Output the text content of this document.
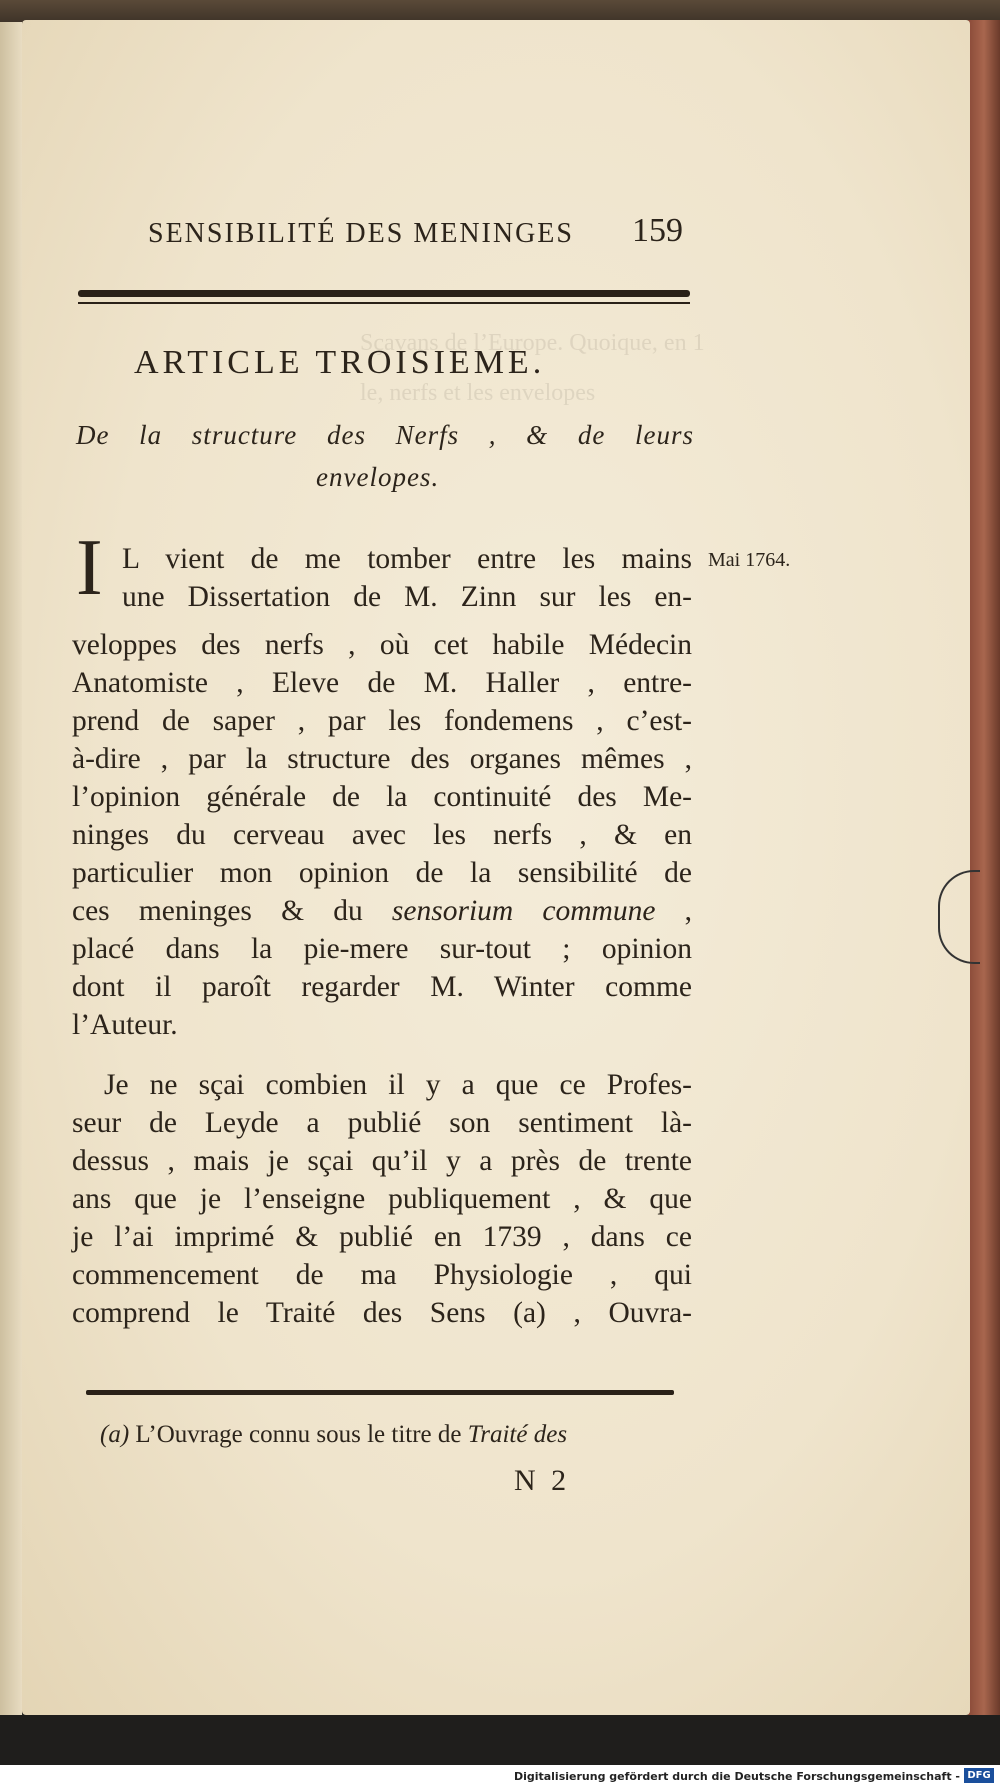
Sçavans de l’Europe. Quoique, en 1
le, nerfs et les envelopes
SENSIBILITÉ DES MENINGES 159
ARTICLE TROISIEME.
De la structure des Nerfs , & de leurs
envelopes.
Mai 1764.
I L vient de me tomber entre les mains
une Dissertation de M. Zinn sur les en-
veloppes des nerfs , où cet habile Médecin
Anatomiste , Eleve de M. Haller , entre-
prend de saper , par les fondemens , c’est-
à-dire , par la structure des organes mêmes ,
l’opinion générale de la continuité des Me-
ninges du cerveau avec les nerfs , & en
particulier mon opinion de la sensibilité de
ces meninges & du sensorium commune ,
placé dans la pie-mere sur-tout ; opinion
dont il paroît regarder M. Winter comme
l’Auteur.
Je ne sçai combien il y a que ce Profes-
seur de Leyde a publié son sentiment là-
dessus , mais je sçai qu’il y a près de trente
ans que je l’enseigne publiquement , & que
je l’ai imprimé & publié en 1739 , dans ce
commencement de ma Physiologie , qui
comprend le Traité des Sens (a) , Ouvra-
(a) L’Ouvrage connu sous le titre de Traité des
N 2
Digitalisierung gefördert durch die Deutsche Forschungsgemeinschaft - DFG
